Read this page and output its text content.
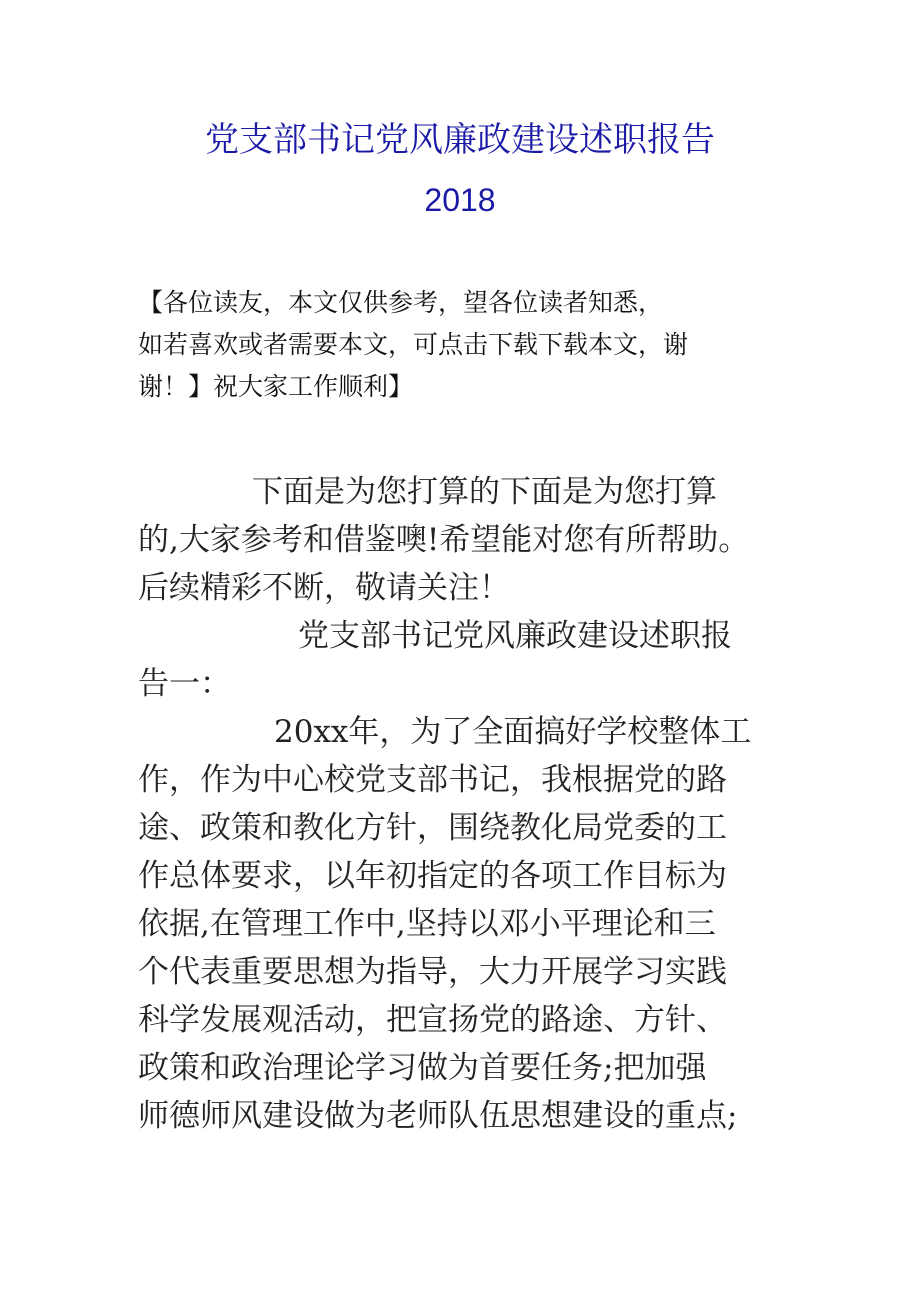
党支部书记党风廉政建设述职报告
2018
【各位读友，本文仅供参考，望各位读者知悉，
如若喜欢或者需要本文，可点击下载下载本文，谢
谢！】祝大家工作顺利】
下面是为您打算的下面是为您打算
的,大家参考和借鉴噢!希望能对您有所帮助。
后续精彩不断，敬请关注！
党支部书记党风廉政建设述职报
告一：
20xx年，为了全面搞好学校整体工
作，作为中心校党支部书记，我根据党的路
途、政策和教化方针，围绕教化局党委的工
作总体要求，以年初指定的各项工作目标为
依据,在管理工作中,坚持以邓小平理论和三
个代表重要思想为指导，大力开展学习实践
科学发展观活动，把宣扬党的路途、方针、
政策和政治理论学习做为首要任务;把加强
师德师风建设做为老师队伍思想建设的重点;
